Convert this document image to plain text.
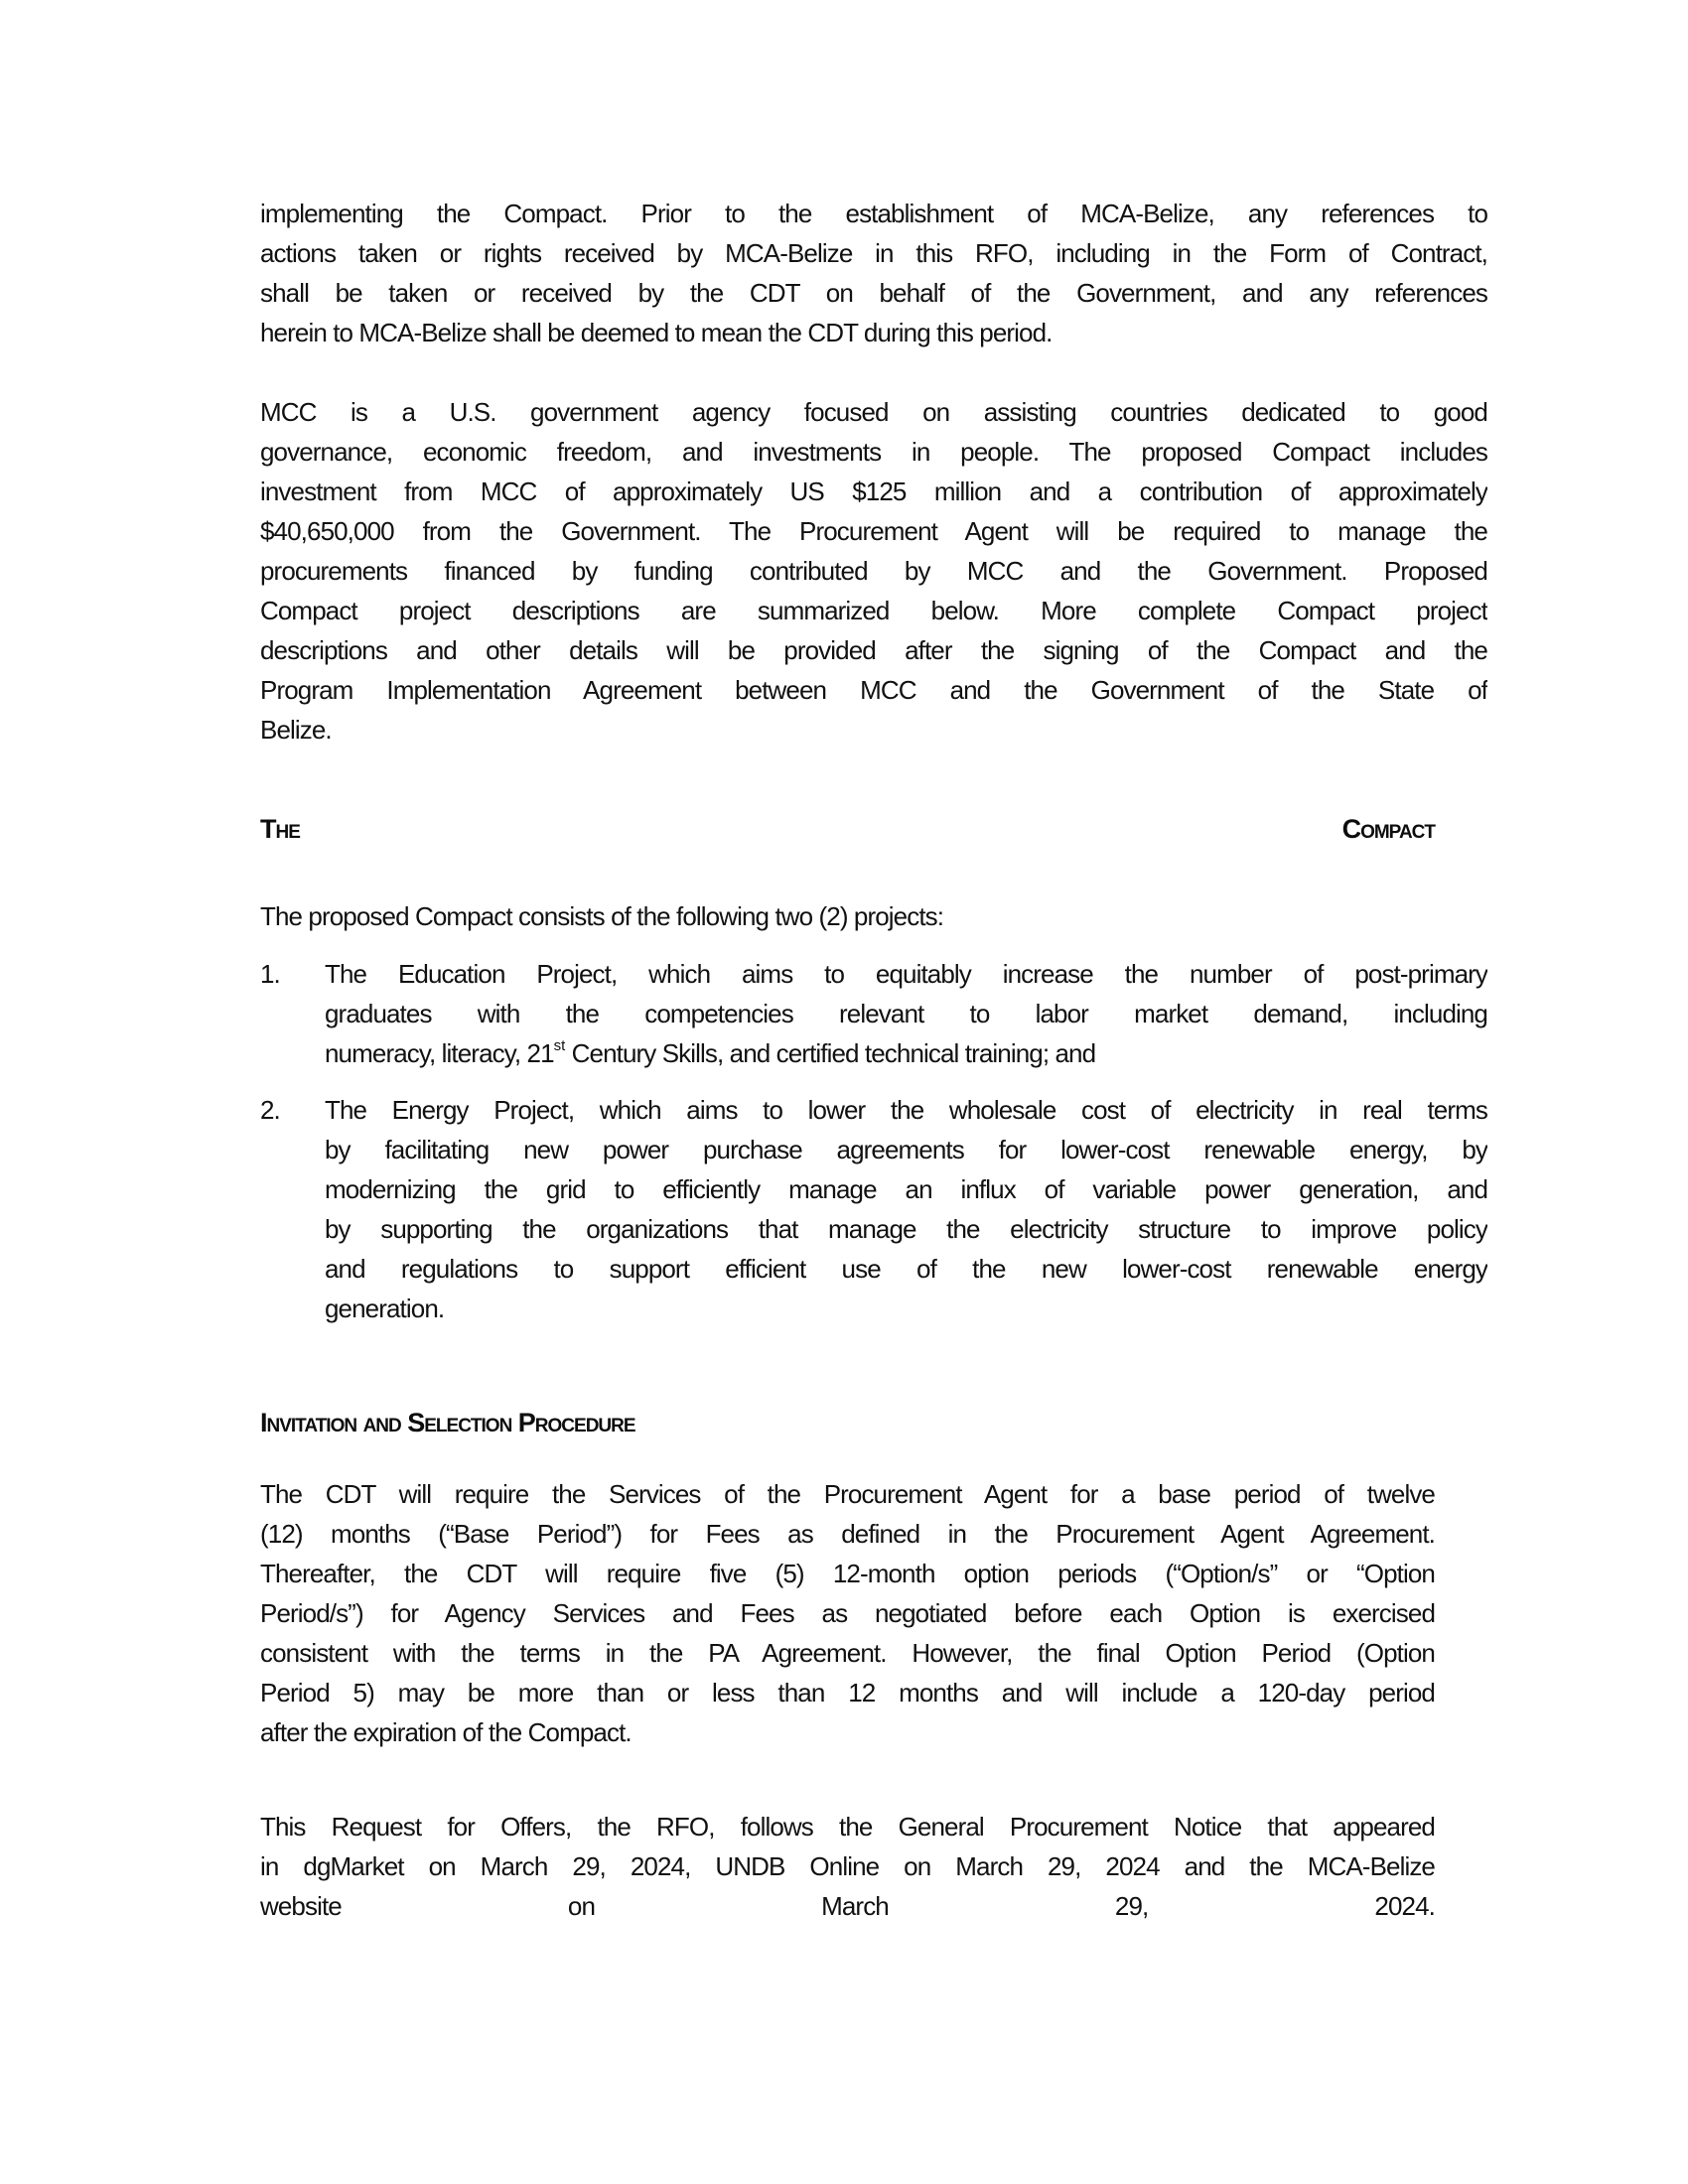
implementing the Compact. Prior to the establishment of MCA-Belize, any references to
actions taken or rights received by MCA-Belize in this RFO, including in the Form of Contract,
shall be taken or received by the CDT on behalf of the Government, and any references
herein to MCA-Belize shall be deemed to mean the CDT during this period.
MCC is a U.S. government agency focused on assisting countries dedicated to good
governance, economic freedom, and investments in people. The proposed Compact includes
investment from MCC of approximately US $125 million and a contribution of approximately
$40,650,000 from the Government. The Procurement Agent will be required to manage the
procurements financed by funding contributed by MCC and the Government. Proposed
Compact project descriptions are summarized below. More complete Compact project
descriptions and other details will be provided after the signing of the Compact and the
Program Implementation Agreement between MCC and the Government of the State of
Belize.
The	Compact
The proposed Compact consists of the following two (2) projects:
1.	The Education Project, which aims to equitably increase the number of post-primary
graduates with the competencies relevant to labor market demand, including
numeracy, literacy, 21st Century Skills, and certified technical training; and
2.	The Energy Project, which aims to lower the wholesale cost of electricity in real terms
by facilitating new power purchase agreements for lower-cost renewable energy, by
modernizing the grid to efficiently manage an influx of variable power generation, and
by supporting the organizations that manage the electricity structure to improve policy
and regulations to support efficient use of the new lower-cost renewable energy
generation.
Invitation and Selection Procedure
The CDT will require the Services of the Procurement Agent for a base period of twelve
(12) months (“Base Period”) for Fees as defined in the Procurement Agent Agreement.
Thereafter, the CDT will require five (5) 12-month option periods (“Option/s” or “Option
Period/s”) for Agency Services and Fees as negotiated before each Option is exercised
consistent with the terms in the PA Agreement. However, the final Option Period (Option
Period 5) may be more than or less than 12 months and will include a 120-day period
after the expiration of the Compact.
This Request for Offers, the RFO, follows the General Procurement Notice that appeared
in dgMarket on March 29, 2024, UNDB Online on March 29, 2024 and the MCA-Belize
website on March 29, 2024.
